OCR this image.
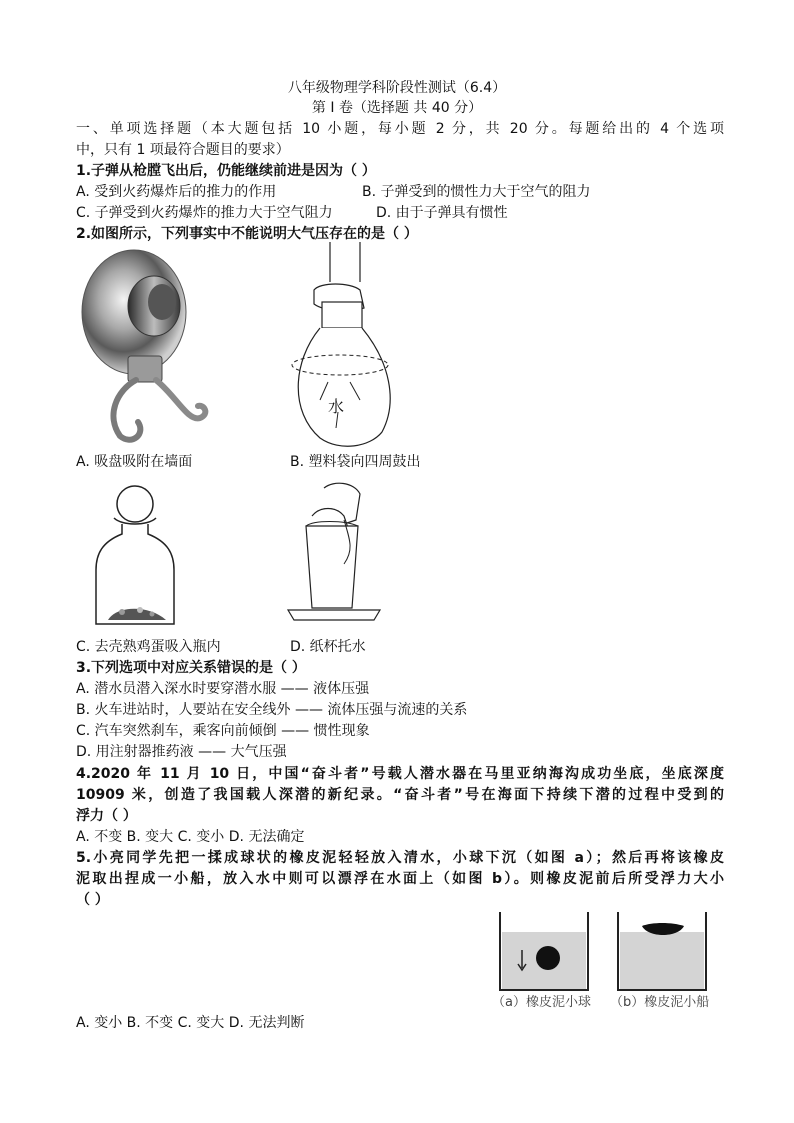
八年级物理学科阶段性测试（6.4）
第 Ⅰ 卷（选择题 共 40 分）
一、单项选择题（本大题包括 10 小题，每小题 2 分，共 20 分。每题给出的 4 个选项
中，只有 1 项最符合题目的要求）
1.子弹从枪膛飞出后，仍能继续前进是因为（ ）
A. 受到火药爆炸后的推力的作用	B. 子弹受到的惯性力大于空气的阻力
C. 子弹受到火药爆炸的推力大于空气阻力	D. 由于子弹具有惯性
2.如图所示，下列事实中不能说明大气压存在的是（ ）
水
A. 吸盘吸附在墙面	B. 塑料袋向四周鼓出
C. 去壳熟鸡蛋吸入瓶内	D. 纸杯托水
3.下列选项中对应关系错误的是（ ）
A. 潜水员潜入深水时要穿潜水服 —— 液体压强
B. 火车进站时，人要站在安全线外 —— 流体压强与流速的关系
C. 汽车突然刹车，乘客向前倾倒 —— 惯性现象
D. 用注射器推药液 —— 大气压强
4.2020 年 11 月 10 日，中国“奋斗者”号载人潜水器在马里亚纳海沟成功坐底，坐底深度
10909 米，创造了我国载人深潜的新纪录。“奋斗者”号在海面下持续下潜的过程中受到的
浮力（ ）
A. 不变 B. 变大 C. 变小 D. 无法确定
5.小亮同学先把一揉成球状的橡皮泥轻轻放入清水，小球下沉（如图 a）；然后再将该橡皮
泥取出捏成一小船，放入水中则可以漂浮在水面上（如图 b）。则橡皮泥前后所受浮力大小
（ ）
（a）橡皮泥小球 （b）橡皮泥小船
A. 变小 B. 不变 C. 变大 D. 无法判断
